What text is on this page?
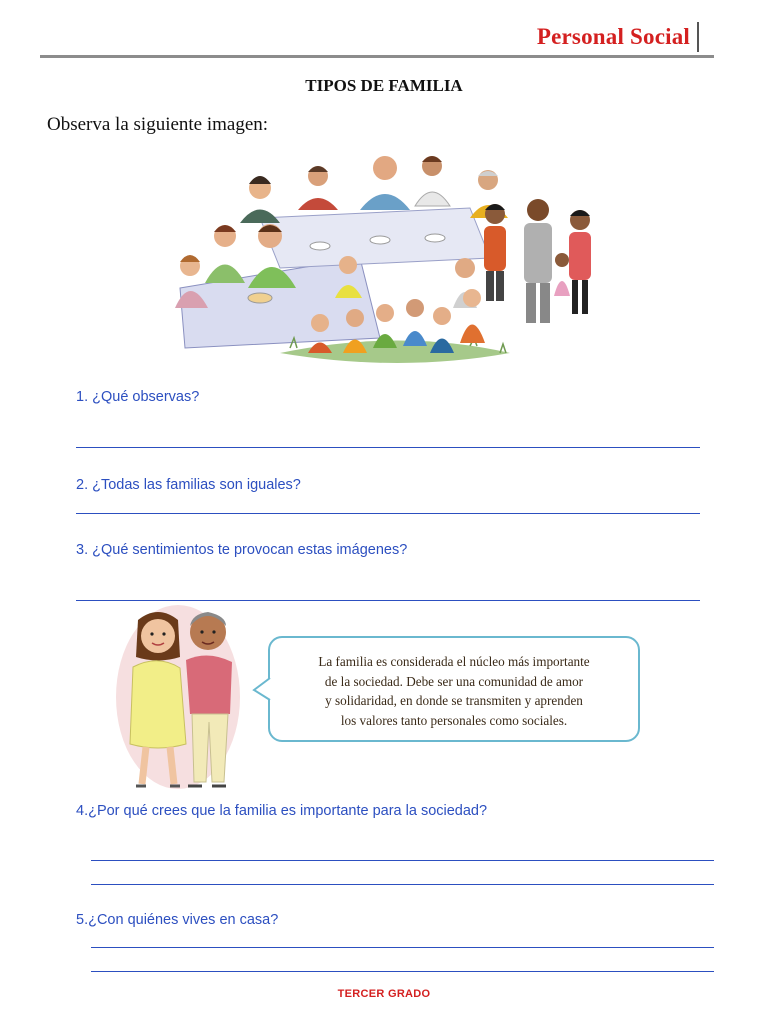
Personal Social
TIPOS DE FAMILIA
Observa la siguiente imagen:
1. ¿Qué observas?
2. ¿Todas las familias son iguales?
3. ¿Qué sentimientos te provocan estas imágenes?
La familia es considerada el núcleo más importante
de la sociedad. Debe ser una comunidad de amor
y solidaridad, en donde se transmiten y aprenden
los valores tanto personales como sociales.
4.¿Por qué crees que la familia es importante para la sociedad?
5.¿Con quiénes vives en casa?
TERCER GRADO
